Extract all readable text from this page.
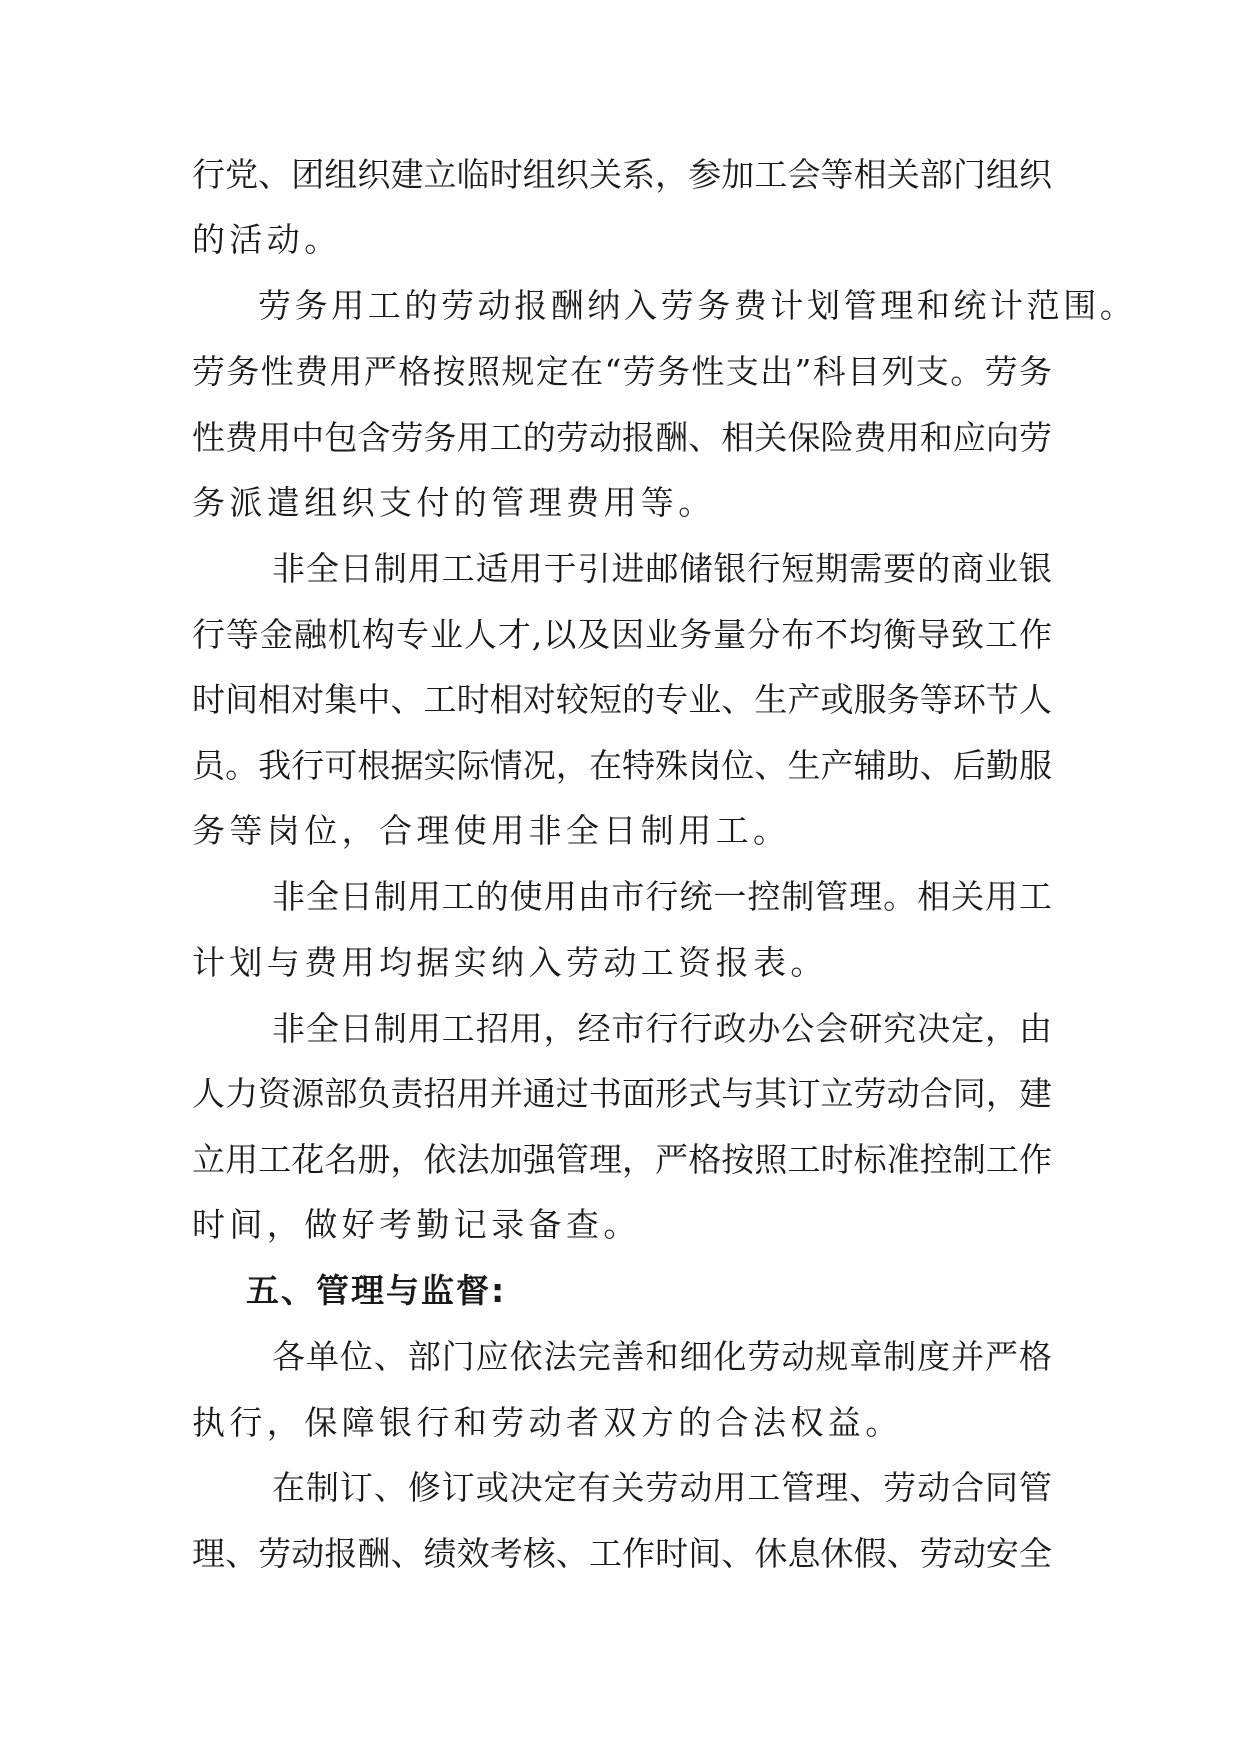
行党、团组织建立临时组织关系，参加工会等相关部门组织
的活动。
劳务用工的劳动报酬纳入劳务费计划管理和统计范围。
劳务性费用严格按照规定在“劳务性支出”科目列支。劳务
性费用中包含劳务用工的劳动报酬、相关保险费用和应向劳
务派遣组织支付的管理费用等。
非全日制用工适用于引进邮储银行短期需要的商业银
行等金融机构专业人才,以及因业务量分布不均衡导致工作
时间相对集中、工时相对较短的专业、生产或服务等环节人
员。我行可根据实际情况，在特殊岗位、生产辅助、后勤服
务等岗位，合理使用非全日制用工。
非全日制用工的使用由市行统一控制管理。相关用工
计划与费用均据实纳入劳动工资报表。
非全日制用工招用，经市行行政办公会研究决定，由
人力资源部负责招用并通过书面形式与其订立劳动合同，建
立用工花名册，依法加强管理，严格按照工时标准控制工作
时间，做好考勤记录备查。
五、管理与监督:
各单位、部门应依法完善和细化劳动规章制度并严格
执行，保障银行和劳动者双方的合法权益。
在制订、修订或决定有关劳动用工管理、劳动合同管
理、劳动报酬、绩效考核、工作时间、休息休假、劳动安全
